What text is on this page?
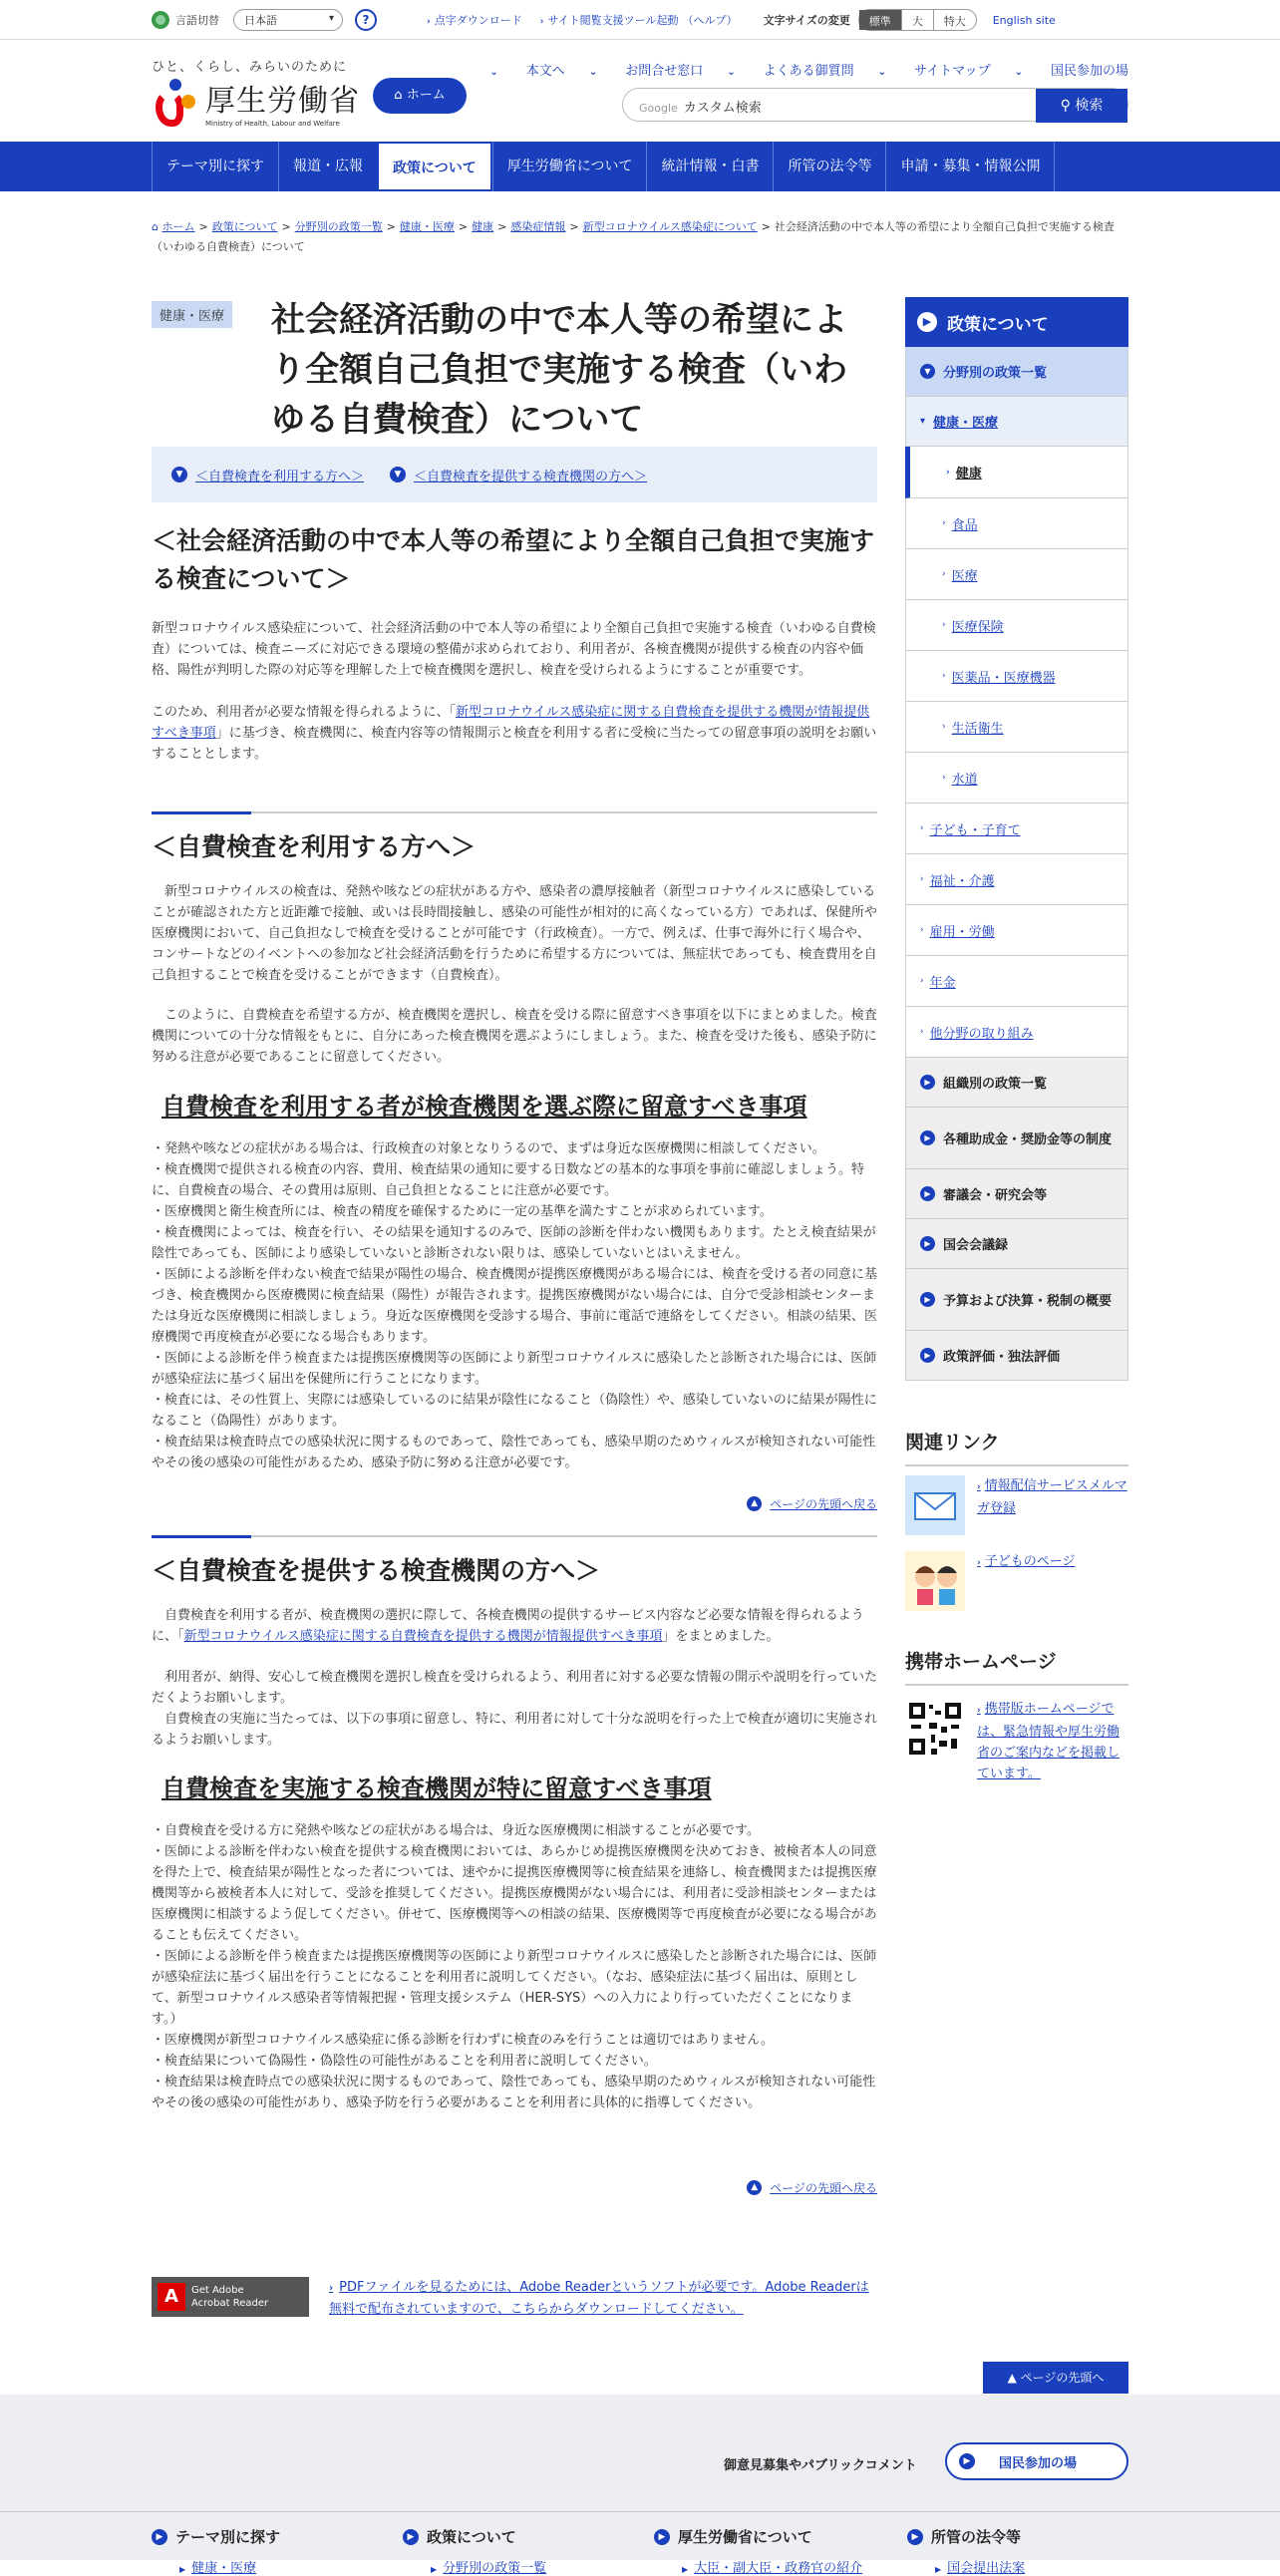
言語切替	日本語 ▾	?	› 点字ダウンロード › サイト閲覧支援ツール起動 （ヘルプ） 文字サイズの変更	標準	大	特大	English site
ひと、くらし、みらいのために
厚生労働省
Ministry of Health, Labour and Welfare
⌂ ホーム
⌄ 本文へ ⌄ お問合せ窓口 ⌄ よくある御質問 ⌄ サイトマップ ⌄ 国民参加の場
Google カスタム検索	⚲ 検索
テーマ別に探す	報道・広報	政策について	厚生労働省について	統計情報・白書	所管の法令等	申請・募集・情報公開
⌂ ホーム > 政策について > 分野別の政策一覧 > 健康・医療 > 健康 > 感染症情報 > 新型コロナウイルス感染症について > 社会経済活動の中で本人等の希望により全額自己負担で実施する検査（いわゆる自費検査）について
健康・医療 社会経済活動の中で本人等の希望により全額自己負担で実施する検査（いわゆる自費検査）について
▼ ＜自費検査を利用する方へ＞	▼ ＜自費検査を提供する検査機関の方へ＞
＜社会経済活動の中で本人等の希望により全額自己負担で実施する検査について＞
新型コロナウイルス感染症について、社会経済活動の中で本人等の希望により全額自己負担で実施する検査（いわゆる自費検査）については、検査ニーズに対応できる環境の整備が求められており、利用者が、各検査機関が提供する検査の内容や価格、陽性が判明した際の対応等を理解した上で検査機関を選択し、検査を受けられるようにすることが重要です。
このため、利用者が必要な情報を得られるように、「新型コロナウイルス感染症に関する自費検査を提供する機関が情報提供すべき事項」に基づき、検査機関に、検査内容等の情報開示と検査を利用する者に受検に当たっての留意事項の説明をお願いすることとします。
＜自費検査を利用する方へ＞
新型コロナウイルスの検査は、発熱や咳などの症状がある方や、感染者の濃厚接触者（新型コロナウイルスに感染していることが確認された方と近距離で接触、或いは長時間接触し、感染の可能性が相対的に高くなっている方）であれば、保健所や医療機関において、自己負担なしで検査を受けることが可能です（行政検査）。一方で、例えば、仕事で海外に行く場合や、コンサートなどのイベントへの参加など社会経済活動を行うために希望する方については、無症状であっても、検査費用を自己負担することで検査を受けることができます（自費検査）。
このように、自費検査を希望する方が、検査機関を選択し、検査を受ける際に留意すべき事項を以下にまとめました。検査機関についての十分な情報をもとに、自分にあった検査機関を選ぶようにしましょう。また、検査を受けた後も、感染予防に努める注意が必要であることに留意してください。
自費検査を利用する者が検査機関を選ぶ際に留意すべき事項
・発熱や咳などの症状がある場合は、行政検査の対象となりうるので、まずは身近な医療機関に相談してください。
・検査機関で提供される検査の内容、費用、検査結果の通知に要する日数などの基本的な事項を事前に確認しましょう。特に、自費検査の場合、その費用は原則、自己負担となることに注意が必要です。
・医療機関と衛生検査所には、検査の精度を確保するために一定の基準を満たすことが求められています。
・検査機関によっては、検査を行い、その結果を通知するのみで、医師の診断を伴わない機関もあります。たとえ検査結果が陰性であっても、医師により感染していないと診断されない限りは、感染していないとはいえません。
・医師による診断を伴わない検査で結果が陽性の場合、検査機関が提携医療機関がある場合には、検査を受ける者の同意に基づき、検査機関から医療機関に検査結果（陽性）が報告されます。提携医療機関がない場合には、自分で受診相談センターまたは身近な医療機関に相談しましょう。身近な医療機関を受診する場合、事前に電話で連絡をしてください。相談の結果、医療機関で再度検査が必要になる場合もあります。
・医師による診断を伴う検査または提携医療機関等の医師により新型コロナウイルスに感染したと診断された場合には、医師が感染症法に基づく届出を保健所に行うことになります。
・検査には、その性質上、実際には感染しているのに結果が陰性になること（偽陰性）や、感染していないのに結果が陽性になること（偽陽性）があります。
・検査結果は検査時点での感染状況に関するものであって、陰性であっても、感染早期のためウィルスが検知されない可能性やその後の感染の可能性があるため、感染予防に努める注意が必要です。
▲	ページの先頭へ戻る
＜自費検査を提供する検査機関の方へ＞
自費検査を利用する者が、検査機関の選択に際して、各検査機関の提供するサービス内容など必要な情報を得られるように、「新型コロナウイルス感染症に関する自費検査を提供する機関が情報提供すべき事項」をまとめました。
利用者が、納得、安心して検査機関を選択し検査を受けられるよう、利用者に対する必要な情報の開示や説明を行っていただくようお願いします。
自費検査の実施に当たっては、以下の事項に留意し、特に、利用者に対して十分な説明を行った上で検査が適切に実施されるようお願いします。
自費検査を実施する検査機関が特に留意すべき事項
・自費検査を受ける方に発熱や咳などの症状がある場合は、身近な医療機関に相談することが必要です。
・医師による診断を伴わない検査を提供する検査機関においては、あらかじめ提携医療機関を決めておき、被検者本人の同意を得た上で、検査結果が陽性となった者については、速やかに提携医療機関等に検査結果を連絡し、検査機関または提携医療機関等から被検者本人に対して、受診を推奨してください。提携医療機関がない場合には、利用者に受診相談センターまたは医療機関に相談するよう促してください。併せて、医療機関等への相談の結果、医療機関等で再度検査が必要になる場合があることも伝えてください。
・医師による診断を伴う検査または提携医療機関等の医師により新型コロナウイルスに感染したと診断された場合には、医師が感染症法に基づく届出を行うことになることを利用者に説明してください。（なお、感染症法に基づく届出は、原則として、新型コロナウイルス感染者等情報把握・管理支援システム（HER-SYS）への入力により行っていただくことになります。）
・医療機関が新型コロナウイルス感染症に係る診断を行わずに検査のみを行うことは適切ではありません。
・検査結果について偽陽性・偽陰性の可能性があることを利用者に説明してください。
・検査結果は検査時点での感染状況に関するものであって、陰性であっても、感染早期のためウィルスが検知されない可能性やその後の感染の可能性があり、感染予防を行う必要があることを利用者に具体的に指導してください。
▲	ページの先頭へ戻る
A	Get Adobe
Acrobat Reader
› PDFファイルを見るためには、Adobe Readerというソフトが必要です。Adobe Readerは無料で配布されていますので、こちらからダウンロードしてください。
▲ ページの先頭へ
▶ 政策について
▼ 分野別の政策一覧
▾ 健康・医療
› 健康
› 食品
› 医療
› 医療保険
› 医薬品・医療機器
› 生活衛生
› 水道
› 子ども・子育て
› 福祉・介護
› 雇用・労働
› 年金
› 他分野の取り組み
▶ 組織別の政策一覧
▶ 各種助成金・奨励金等の制度
▶ 審議会・研究会等
▶ 国会会議録
▶ 予算および決算・税制の概要
▶ 政策評価・独法評価
関連リンク
› 情報配信サービスメルマガ登録
› 子どものページ
携帯ホームページ
› 携帯版ホームページでは、緊急情報や厚生労働省のご案内などを掲載しています。
御意見募集やパブリックコメント	▶	国民参加の場
▶ テーマ別に探す
▶ 健康・医療
▶ 政策について
▶ 分野別の政策一覧
▶ 厚生労働省について
▶ 大臣・副大臣・政務官の紹介
▶ 所管の法令等
▶ 国会提出法案
